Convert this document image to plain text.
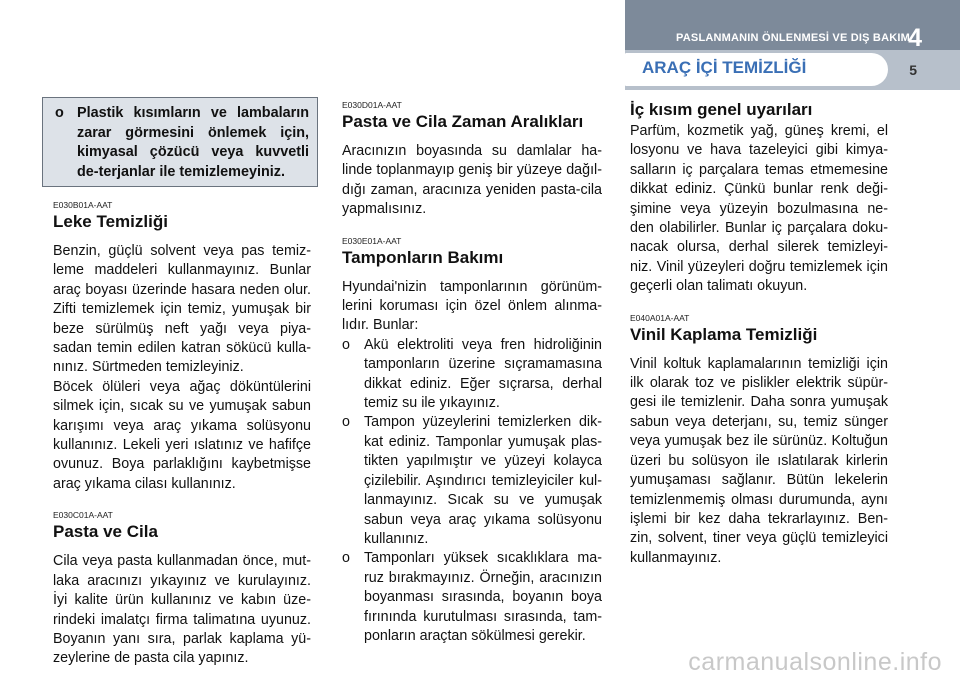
PASLANMANIN ÖNLENMESİ VE DIŞ BAKIM
4
5
ARAÇ İÇİ TEMİZLİĞİ
o Plastik kısımların ve lambaların zarar görmesini önlemek için, kimyasal çözücü veya kuvvetli de-terjanlar ile temizlemeyiniz.
E030B01A-AAT
Leke Temizliği

Benzin, güçlü solvent veya pas temiz-leme maddeleri kullanmayınız. Bunlar araç boyası üzerinde hasara neden olur. Zifti temizlemek için temiz, yumuşak bir beze sürülmüş neft yağı veya piya-sadan temin edilen katran sökücü kulla-nınız. Sürtmeden temizleyiniz.

Böcek ölüleri veya ağaç döküntülerini silmek için, sıcak su ve yumuşak sabun karışımı veya araç yıkama solüsyonu kullanınız. Lekeli yeri ıslatınız ve hafifçe ovunuz. Boya parlaklığını kaybetmişse araç yıkama cilası kullanınız.

E030C01A-AAT
Pasta ve Cila

Cila veya pasta kullanmadan önce, mut-laka aracınızı yıkayınız ve kurulayınız. İyi kalite ürün kullanınız ve kabın üze-rindeki imalatçı firma talimatına uyunuz. Boyanın yanı sıra, parlak kaplama yü-zeylerine de pasta cila yapınız.

E030D01A-AAT
Pasta ve Cila Zaman Aralıkları

Aracınızın boyasında su damlalar ha-linde toplanmayıp geniş bir yüzeye dağıl-dığı zaman, aracınıza yeniden pasta-cila yapmalısınız.

E030E01A-AAT
Tamponların Bakımı

Hyundai'nizin tamponlarının görünüm-lerini koruması için özel önlem alınma-lıdır. Bunlar:

o Akü elektroliti veya fren hidroliğinin tamponların üzerine sıçramamasına dikkat ediniz. Eğer sıçrarsa, derhal temiz su ile yıkayınız.
o Tampon yüzeylerini temizlerken dik-kat ediniz. Tamponlar yumuşak plas-tikten yapılmıştır ve yüzeyi kolayca çizilebilir. Aşındırıcı temizleyiciler kul-lanmayınız. Sıcak su ve yumuşak sabun veya araç yıkama solüsyonu kullanınız.
o Tamponları yüksek sıcaklıklara ma-ruz bırakmayınız. Örneğin, aracınızın boyanması sırasında, boyanın boya fırınında kurutulması sırasında, tam-ponların araçtan sökülmesi gerekir.
İç kısım genel uyarıları

Parfüm, kozmetik yağ, güneş kremi, el losyonu ve hava tazeleyici gibi kimya-salların iç parçalara temas etmemesine dikkat ediniz. Çünkü bunlar renk deği-şimine veya yüzeyin bozulmasına ne-den olabilirler. Bunlar iç parçalara doku-nacak olursa, derhal silerek temizleyi-niz. Vinil yüzeyleri doğru temizlemek için geçerli olan talimatı okuyun.

E040A01A-AAT
Vinil Kaplama Temizliği

Vinil koltuk kaplamalarının temizliği için ilk olarak toz ve pislikler elektrik süpür-gesi ile temizlenir. Daha sonra yumuşak sabun veya deterjanı, su, temiz sünger veya yumuşak bez ile sürünüz. Koltuğun üzeri bu solüsyon ile ıslatılarak kirlerin yumuşaması sağlanır. Bütün lekelerin temizlenmemiş olması durumunda, aynı işlemi bir kez daha tekrarlayınız. Ben-zin, solvent, tiner veya güçlü temizleyici kullanmayınız.

carmanualsonline.info
